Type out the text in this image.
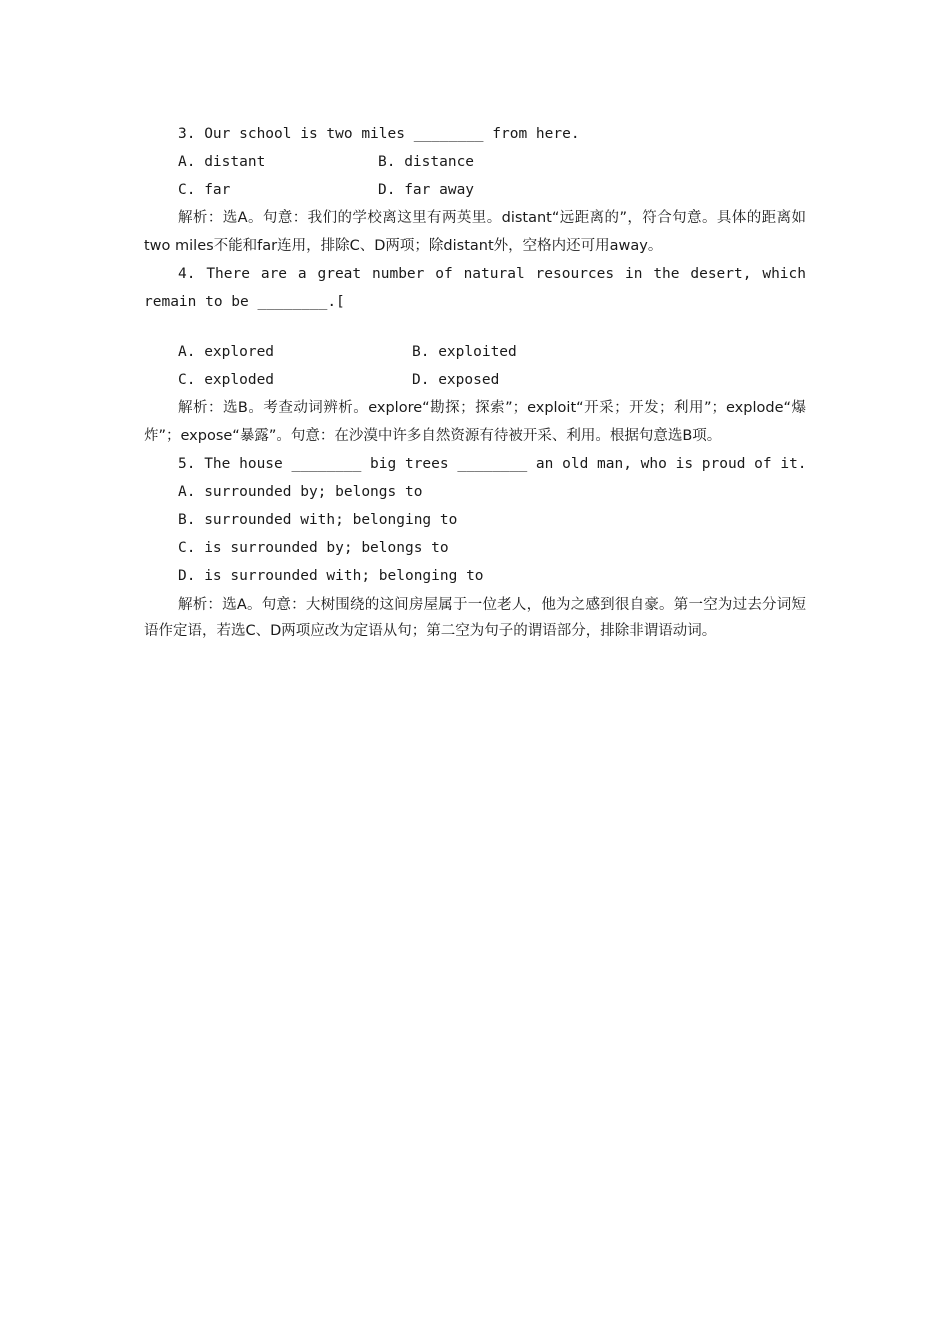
3. Our school is two miles ________ from here.
A. distant	B. distance
C. far	D. far away
解析：选A。句意：我们的学校离这里有两英里。distant“远距离的”，符合句意。具体的距离如two miles不能和far连用，排除C、D两项；除distant外，空格内还可用away。
4. There are a great number of natural resources in the desert, which remain to be ________.[
A. explored	B. exploited
C. exploded	D. exposed
解析：选B。考查动词辨析。explore“勘探；探索”；exploit“开采；开发；利用”；explode“爆炸”；expose“暴露”。句意：在沙漠中许多自然资源有待被开采、利用。根据句意选B项。
5. The house ________ big trees ________ an old man, who is proud of it.
A. surrounded by; belongs to
B. surrounded with; belonging to
C. is surrounded by; belongs to
D. is surrounded with; belonging to
解析：选A。句意：大树围绕的这间房屋属于一位老人，他为之感到很自豪。第一空为过去分词短语作定语，若选C、D两项应改为定语从句；第二空为句子的谓语部分，排除非谓语动词。
